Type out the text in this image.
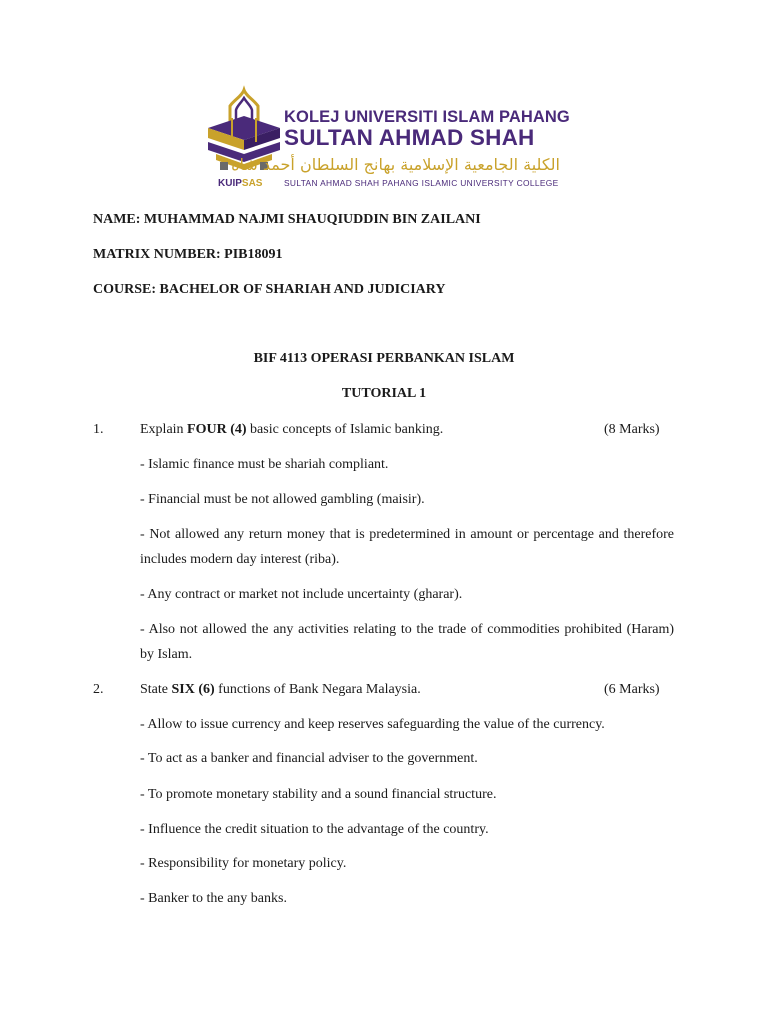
KUIPSAS
KOLEJ UNIVERSITI ISLAM PAHANG
SULTAN AHMAD SHAH
الكلية الجامعية الإسلامية بهانج السلطان أحمد شاه
SULTAN AHMAD SHAH PAHANG ISLAMIC UNIVERSITY COLLEGE
NAME: MUHAMMAD NAJMI SHAUQIUDDIN BIN ZAILANI
MATRIX NUMBER: PIB18091
COURSE: BACHELOR OF SHARIAH AND JUDICIARY
BIF 4113 OPERASI PERBANKAN ISLAM
TUTORIAL 1
1.	Explain FOUR (4) basic concepts of Islamic banking.	(8 Marks)
- Islamic finance must be shariah compliant.
- Financial must be not allowed gambling (maisir).
- Not allowed any return money that is predetermined in amount or percentage and therefore includes modern day interest (riba).
- Any contract or market not include uncertainty (gharar).
- Also not allowed the any activities relating to the trade of commodities prohibited (Haram) by Islam.
2.	State SIX (6) functions of Bank Negara Malaysia.	(6 Marks)
- Allow to issue currency and keep reserves safeguarding the value of the currency.
- To act as a banker and financial adviser to the government.
- To promote monetary stability and a sound financial structure.
- Influence the credit situation to the advantage of the country.
- Responsibility for monetary policy.
- Banker to the any banks.
